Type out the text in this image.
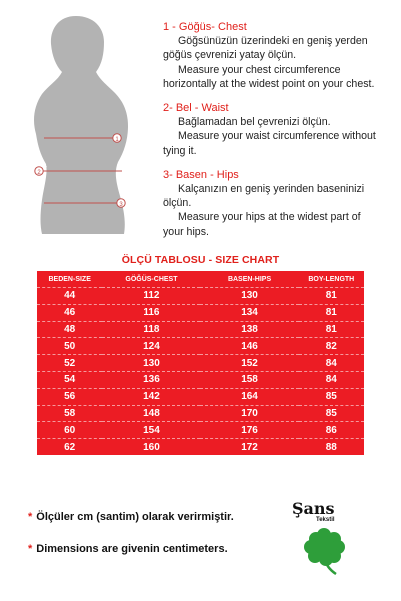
1
2
3
1 - Göğüs- Chest
Göğsünüzün üzerindeki en geniş yerden
göğüs çevrenizi yatay ölçün.
Measure your chest circumference
horizontally at the widest point on your chest.
2- Bel - Waist
Bağlamadan bel çevrenizi ölçün.
Measure your waist circumference without
tying it.
3- Basen - Hips
Kalçanızın en geniş yerinden baseninizi
ölçün.
Measure your hips at the widest part of
your hips.
ÖLÇÜ TABLOSU - SIZE CHART
BEDEN-SIZE	GÖĞÜS-CHEST	BASEN-HIPS	BOY-LENGTH
44	112	130	81
46	116	134	81
48	118	138	81
50	124	146	82
52	130	152	84
54	136	158	84
56	142	164	85
58	148	170	85
60	154	176	86
62	160	172	88
* Ölçüler cm (santim) olarak verirmiştir.
* Dimensions are givenin centimeters.
Şans
Tekstil
